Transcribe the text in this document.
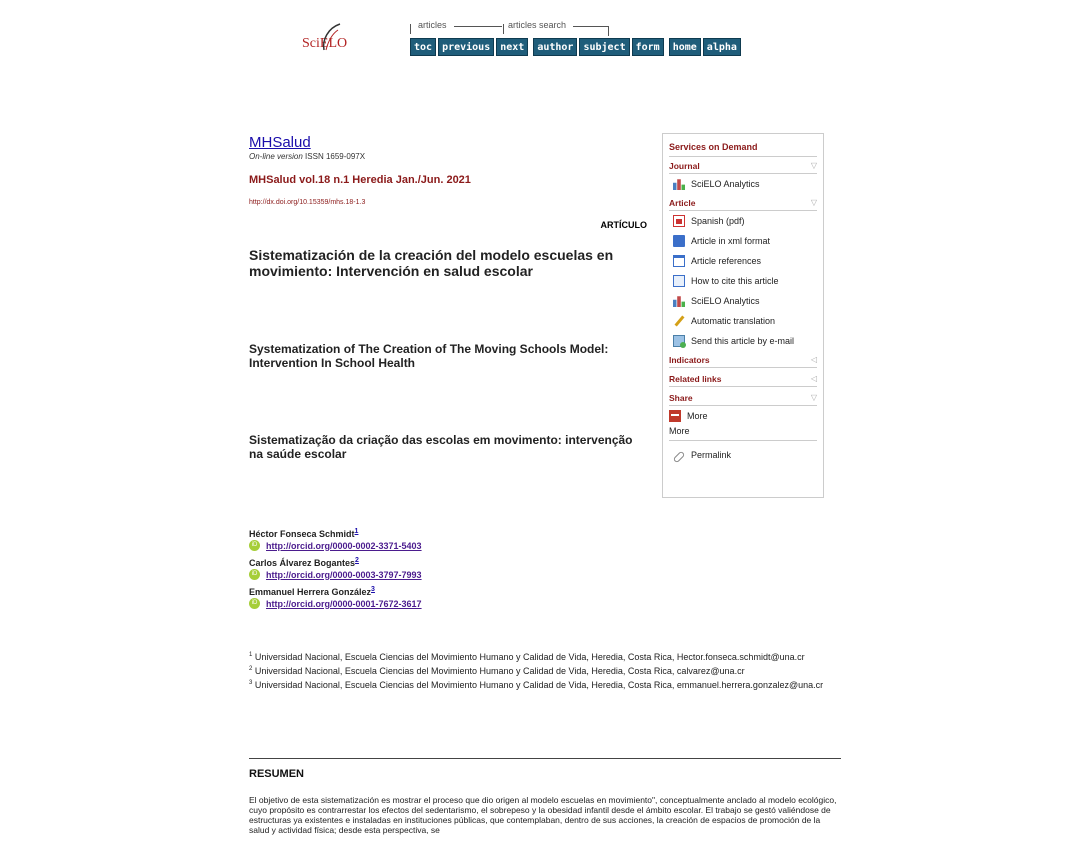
SciELO
articles	articles search
toc	previous	next	author	subject	form	home	alpha
MHSalud
On-line version ISSN 1659-097X
MHSalud vol.18 n.1 Heredia Jan./Jun. 2021
http://dx.doi.org/10.15359/mhs.18-1.3
ARTÍCULO
Sistematización de la creación del modelo escuelas en movimiento: Intervención en salud escolar
Systematization of The Creation of The Moving Schools Model: Intervention In School Health
Sistematização da criação das escolas em movimento: intervenção na saúde escolar
Services on Demand
Journal	▽
SciELO Analytics
Article	▽
Spanish (pdf)
Article in xml format
Article references
How to cite this article
SciELO Analytics
Automatic translation
Send this article by e-mail
Indicators	◁
Related links	◁
Share	▽
More
More
Permalink
Héctor Fonseca Schmidt$^1$
iD http://orcid.org/0000-0002-3371-5403
Carlos Álvarez Bogantes$^2$
iD http://orcid.org/0000-0003-3797-7993
Emmanuel Herrera González$^3$
iD http://orcid.org/0000-0001-7672-3617
$^1$ Universidad Nacional, Escuela Ciencias del Movimiento Humano y Calidad de Vida, Heredia, Costa Rica, Hector.fonseca.schmidt@una.cr
$^2$ Universidad Nacional, Escuela Ciencias del Movimiento Humano y Calidad de Vida, Heredia, Costa Rica, calvarez@una.cr
$^3$ Universidad Nacional, Escuela Ciencias del Movimiento Humano y Calidad de Vida, Heredia, Costa Rica, emmanuel.herrera.gonzalez@una.cr
RESUMEN
El objetivo de esta sistematización es mostrar el proceso que dio origen al modelo escuelas en movimiento", conceptualmente anclado al modelo ecológico, cuyo propósito es contrarrestar los efectos del sedentarismo, el sobrepeso y la obesidad infantil desde el ámbito escolar. El trabajo se gestó valiéndose de estructuras ya existentes e instaladas en instituciones públicas, que contemplaban, dentro de sus acciones, la creación de espacios de promoción de la salud y actividad física; desde esta perspectiva, se
